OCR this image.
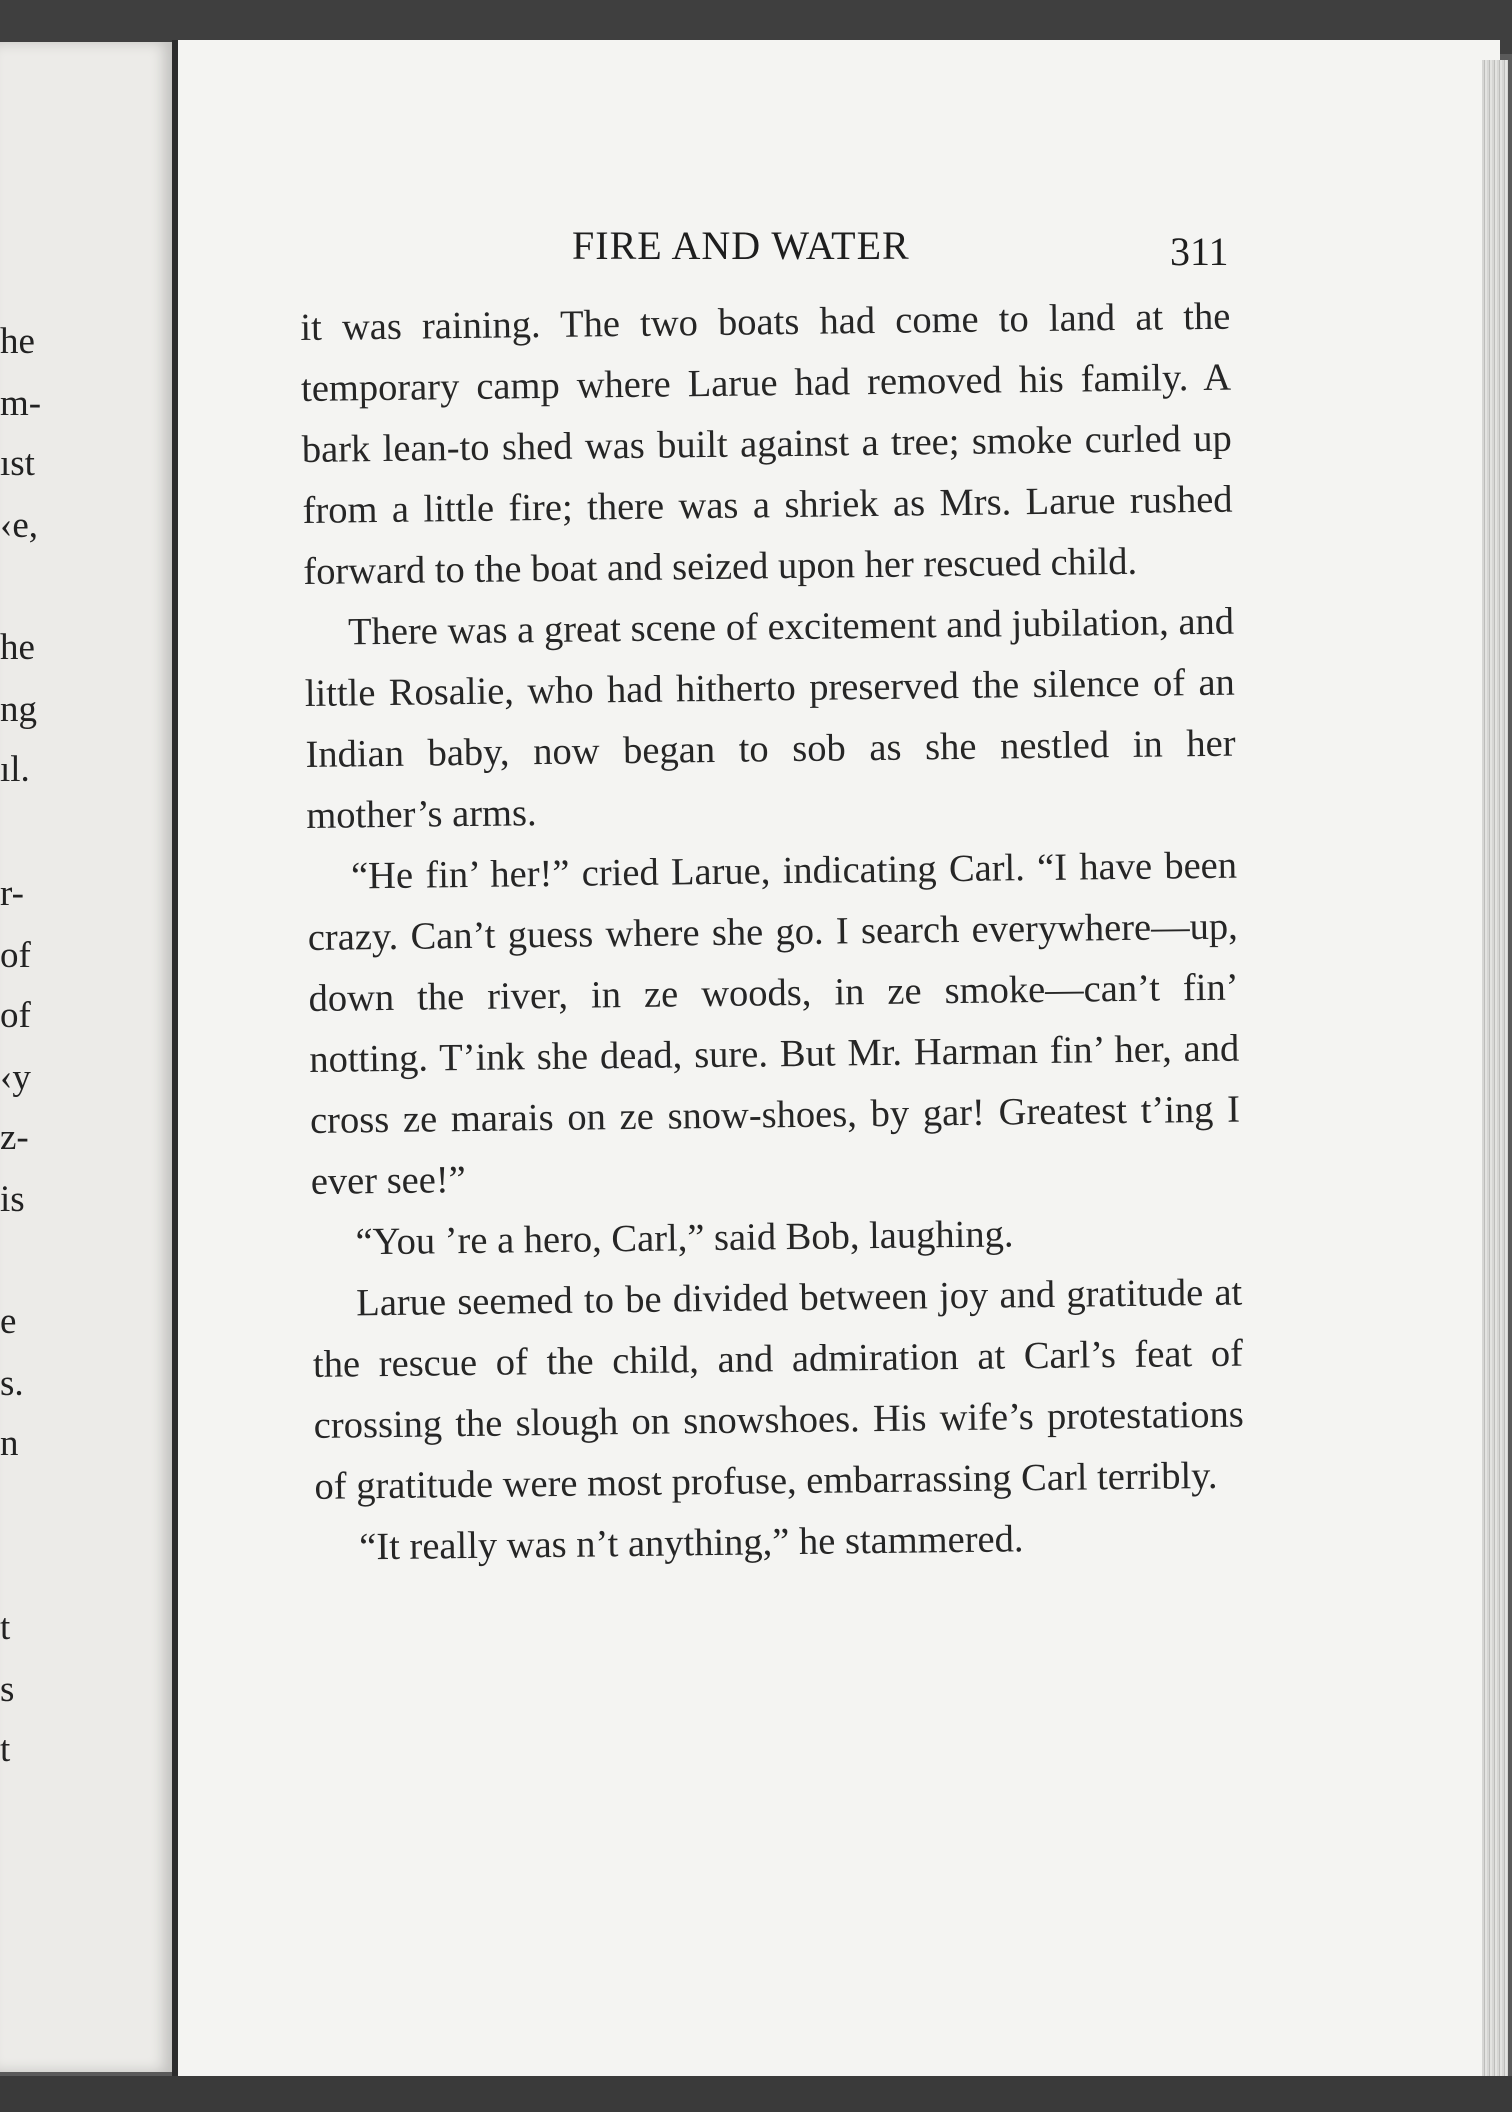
he
m-
ıst
‹e,
he
ng
ıl.
r-
of
of
‹y
z-
is
e
s.
n
t
s
t
FIRE AND WATER	311

it was raining. The two boats had come to land at the temporary camp where Larue had removed his family. A bark lean-to shed was built against a tree; smoke curled up from a little fire; there was a shriek as Mrs. Larue rushed forward to the boat and seized upon her rescued child.

There was a great scene of excitement and jubilation, and little Rosalie, who had hitherto preserved the silence of an Indian baby, now began to sob as she nestled in her mother’s arms.

“He fin’ her!” cried Larue, indicating Carl. “I have been crazy. Can’t guess where she go. I search everywhere—up, down the river, in ze woods, in ze smoke—can’t fin’ notting. T’ink she dead, sure. But Mr. Harman fin’ her, and cross ze marais on ze snow-shoes, by gar! Greatest t’ing I ever see!”

“You ’re a hero, Carl,” said Bob, laughing.

Larue seemed to be divided between joy and gratitude at the rescue of the child, and admiration at Carl’s feat of crossing the slough on snowshoes. His wife’s protestations of gratitude were most profuse, embarrassing Carl terribly.

“It really was n’t anything,” he stammered.
